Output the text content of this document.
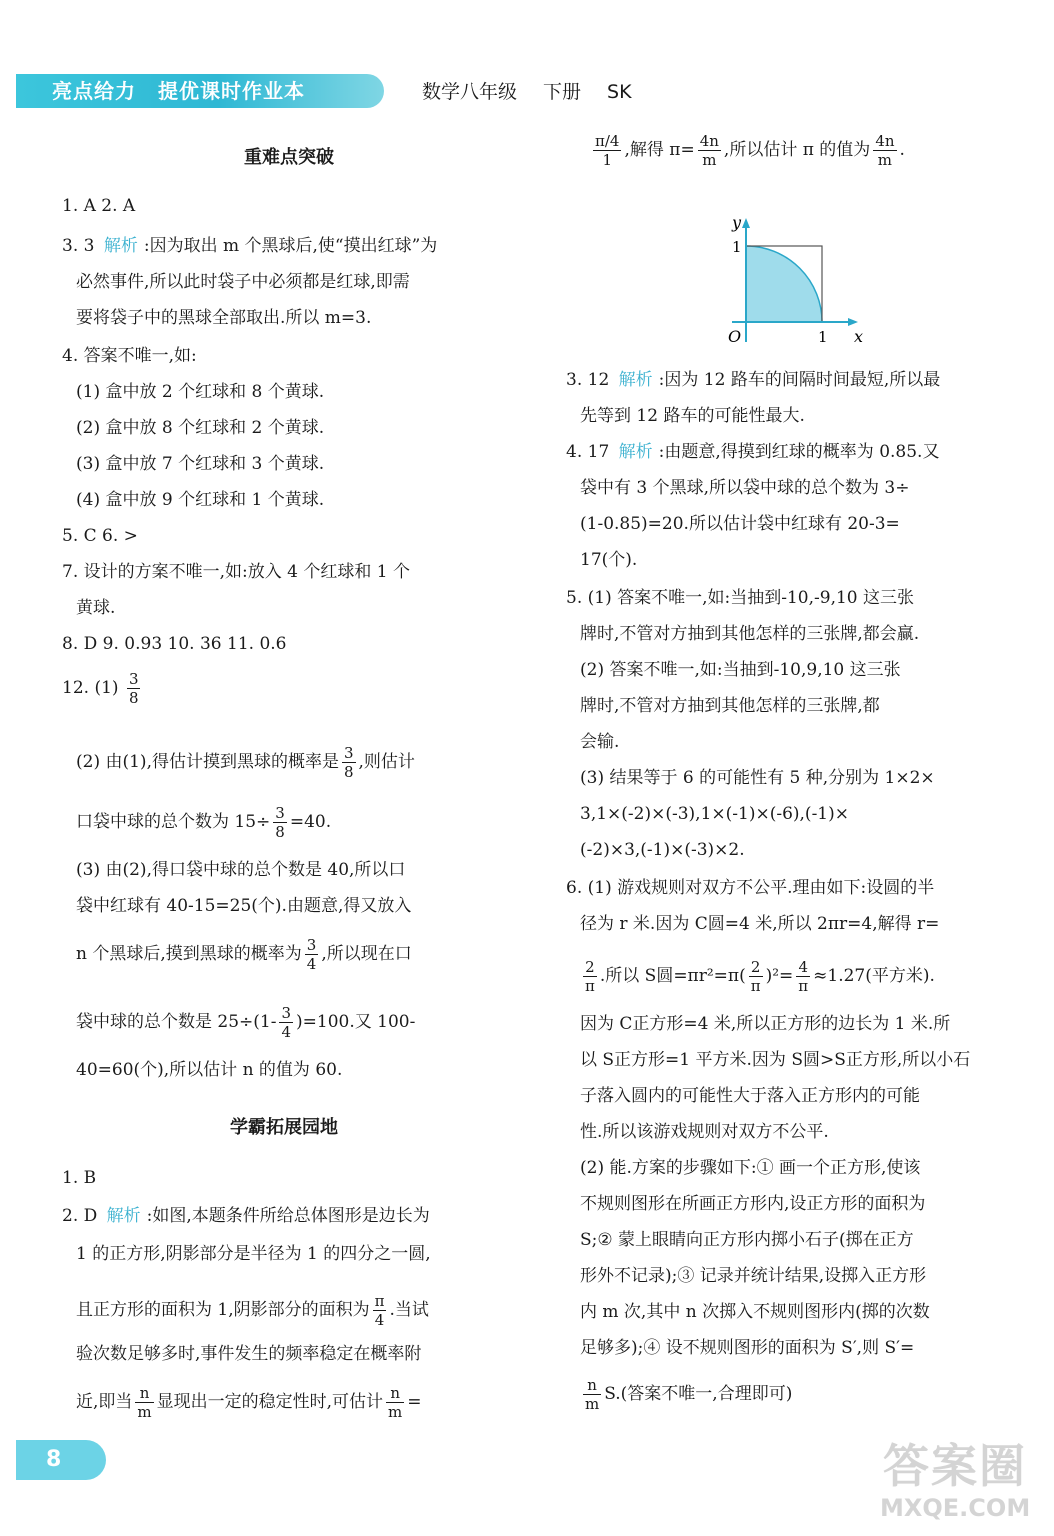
亮点给力 提优课时作业本	数学八年级 下册 SK
重难点突破
1. A 2. A
3. 3 解析 :因为取出 m 个黑球后,使“摸出红球”为
必然事件,所以此时袋子中必须都是红球,即需
要将袋子中的黑球全部取出.所以 m=3.
4. 答案不唯一,如:
(1) 盒中放 2 个红球和 8 个黄球.
(2) 盒中放 8 个红球和 2 个黄球.
(3) 盒中放 7 个红球和 3 个黄球.
(4) 盒中放 9 个红球和 1 个黄球.
5. C 6. >
7. 设计的方案不唯一,如:放入 4 个红球和 1 个
黄球.
8. D 9. 0.93 10. 36 11. 0.6
12. $(1) \frac{3}{8}$
(2) 由(1),得估计摸到黑球的概率是 $\frac{3}{8}$ ,则估计
口袋中球的总个数为 $15\div \frac{3}{8} =40$.
(3) 由(2),得口袋中球的总个数是 40,所以口
袋中红球有 40-15=25(个).由题意,得又放入
n 个黑球后,摸到黑球的概率为 $\frac{3}{4}$ ,所以现在口
袋中球的总个数是 $25\div(1- \frac{3}{4} )=100$.又 100-
40=60(个),所以估计 n 的值为 60.
学霸拓展园地
1. B
2. D 解析 :如图,本题条件所给总体图形是边长为
1 的正方形,阴影部分是半径为 1 的四分之一圆,
且正方形的面积为 1,阴影部分的面积为 $\frac{\pi}{4}$ .当试
验次数足够多时,事件发生的频率稳定在概率附
近,即当 $\frac{n}{m}$ 显现出一定的稳定性时,可估计 $\frac{n}{m}$ =
$\frac{\pi/4}{1}$ ,解得 $\pi= \frac{4n}{m}$ ,所以估计 π 的值为 $\frac{4n}{m}$ .
y
x
O
1
1
3. 12 解析 :因为 12 路车的间隔时间最短,所以最
先等到 12 路车的可能性最大.
4. 17 解析 :由题意,得摸到红球的概率为 0.85.又
袋中有 3 个黑球,所以袋中球的总个数为 3÷
(1-0.85)=20.所以估计袋中红球有 20-3=
17(个).
5. (1) 答案不唯一,如:当抽到-10,-9,10 这三张
牌时,不管对方抽到其他怎样的三张牌,都会赢.
(2) 答案不唯一,如:当抽到-10,9,10 这三张
牌时,不管对方抽到其他怎样的三张牌,都
会输.
(3) 结果等于 6 的可能性有 5 种,分别为 1×2×
3,1×(-2)×(-3),1×(-1)×(-6),(-1)×
(-2)×3,(-1)×(-3)×2.
6. (1) 游戏规则对双方不公平.理由如下:设圆的半
径为 r 米.因为 C圆=4 米,所以 2πr=4,解得 r=
$\frac{2}{\pi}$ .所以 S圆$=\pi r^2=\pi( \frac{2}{\pi} )^2= \frac{4}{\pi} \approx 1.27$(平方米).
因为 C正方形=4 米,所以正方形的边长为 1 米.所
以 S正方形=1 平方米.因为 S圆>S正方形,所以小石
子落入圆内的可能性大于落入正方形内的可能
性.所以该游戏规则对双方不公平.
(2) 能.方案的步骤如下:① 画一个正方形,使该
不规则图形在所画正方形内,设正方形的面积为
S;② 蒙上眼睛向正方形内掷小石子(掷在正方
形外不记录);③ 记录并统计结果,设掷入正方形
内 m 次,其中 n 次掷入不规则图形内(掷的次数
足够多);④ 设不规则图形的面积为 S′,则 S′=
$\frac{n}{m} S$.(答案不唯一,合理即可)
8	答案圈
MXQE.COM
